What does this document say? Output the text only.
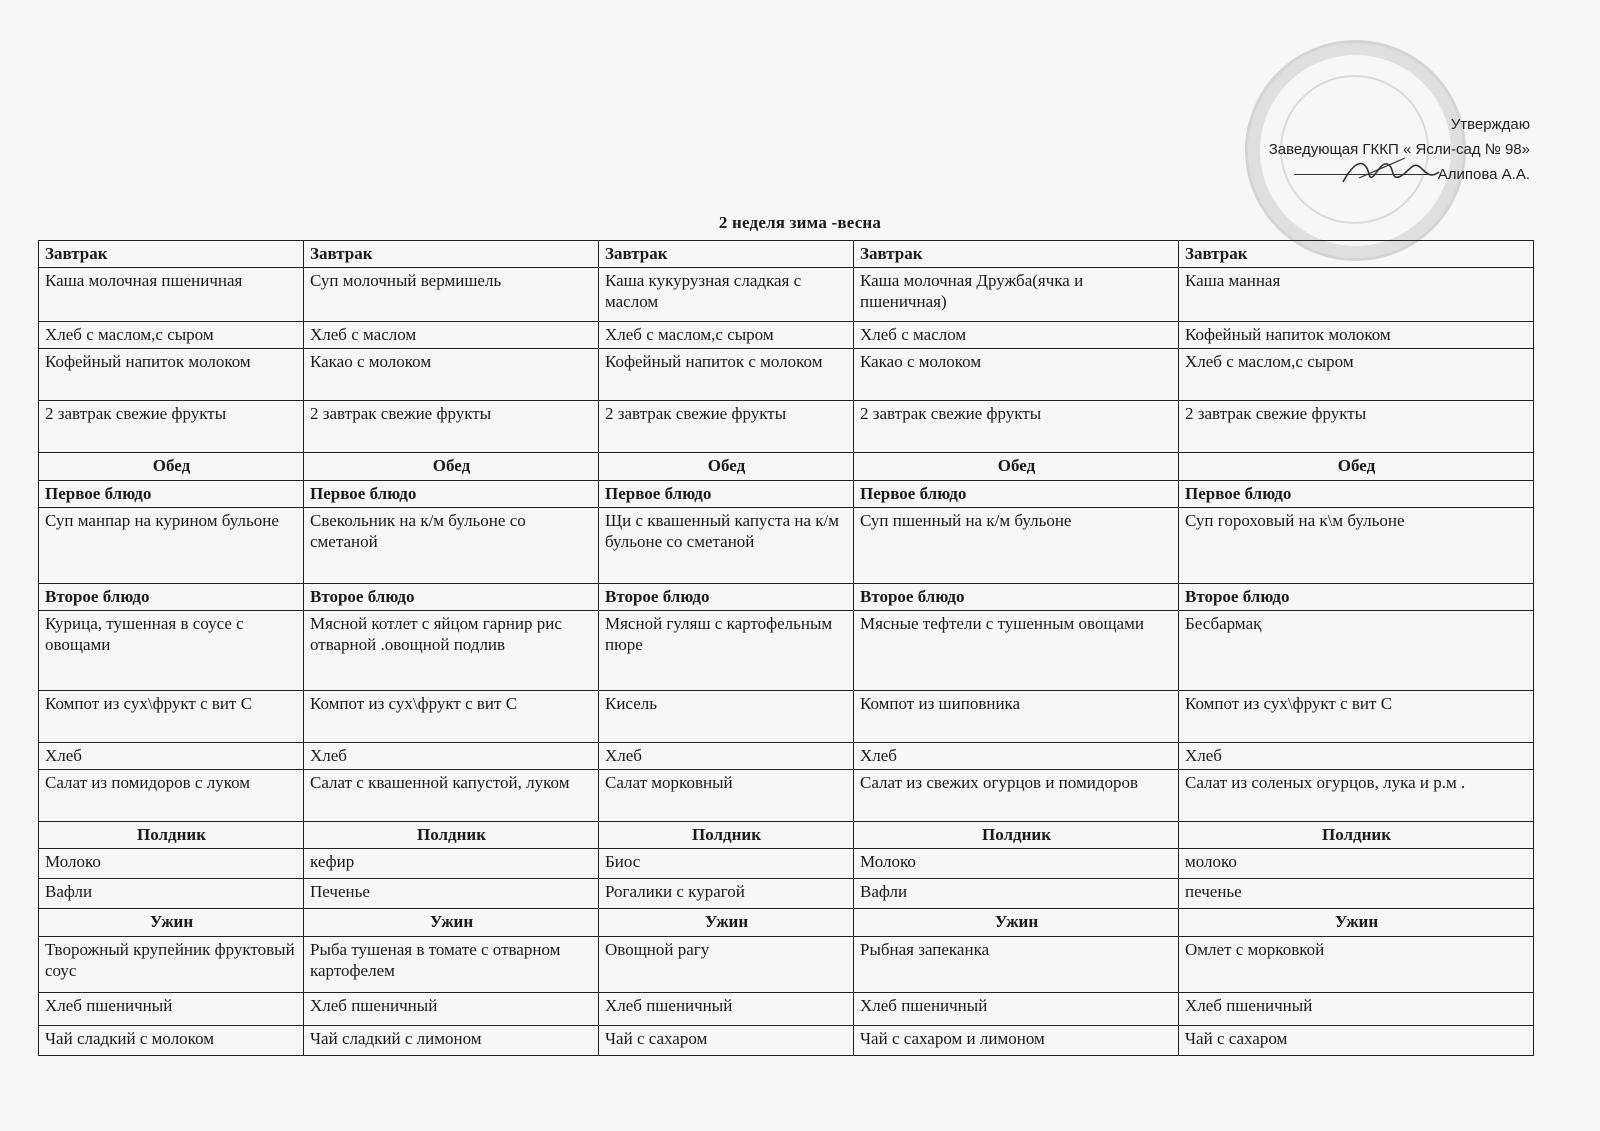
Утверждаю
Заведующая ГККП « Ясли-сад № 98»
Алипова А.А.
2 неделя зима -весна
Завтрак	Завтрак	Завтрак	Завтрак	Завтрак
Каша молочная пшеничная	Суп молочный вермишель	Каша кукурузная сладкая с маслом	Каша молочная Дружба(ячка и пшеничная)	Каша манная
Хлеб с маслом,с сыром	Хлеб с маслом	Хлеб с маслом,с сыром	Хлеб с маслом	Кофейный напиток молоком
Кофейный напиток молоком	Какао с молоком	Кофейный напиток с молоком	Какао с молоком	Хлеб с маслом,с сыром
2 завтрак свежие фрукты	2 завтрак свежие фрукты	2 завтрак свежие фрукты	2 завтрак свежие фрукты	2 завтрак свежие фрукты
Обед	Обед	Обед	Обед	Обед
Первое блюдо	Первое блюдо	Первое блюдо	Первое блюдо	Первое блюдо
Суп манпар на курином бульоне	Свекольник на к/м бульоне со сметаной	Щи с квашенный капуста на к/м бульоне со сметаной	Суп пшенный на к/м бульоне	Суп гороховый на к\м бульоне
Второе блюдо	Второе блюдо	Второе блюдо	Второе блюдо	Второе блюдо
Курица, тушенная в соусе с овощами	Мясной котлет с яйцом гарнир рис отварной .овощной подлив	Мясной гуляш с картофельным пюре	Мясные тефтели с тушенным овощами	Бесбармақ
Компот из сух\фрукт с вит С	Компот из сух\фрукт с вит С	Кисель	Компот из шиповника	Компот из сух\фрукт с вит С
Хлеб	Хлеб	Хлеб	Хлеб	Хлеб
Салат из помидоров с луком	Салат с квашенной капустой, луком	Салат морковный	Салат из свежих огурцов и помидоров	Салат из соленых огурцов, лука и р.м .
Полдник	Полдник	Полдник	Полдник	Полдник
Молоко	кефир	Биос	Молоко	молоко
Вафли	Печенье	Рогалики с курагой	Вафли	печенье
Ужин	Ужин	Ужин	Ужин	Ужин
Творожный крупейник фруктовый соус	Рыба тушеная в томате с отварном картофелем	Овощной рагу	Рыбная запеканка	Омлет с морковкой
Хлеб пшеничный	Хлеб пшеничный	Хлеб пшеничный	Хлеб пшеничный	Хлеб пшеничный
Чай сладкий с молоком	Чай сладкий с лимоном	Чай с сахаром	Чай с сахаром и лимоном	Чай с сахаром
